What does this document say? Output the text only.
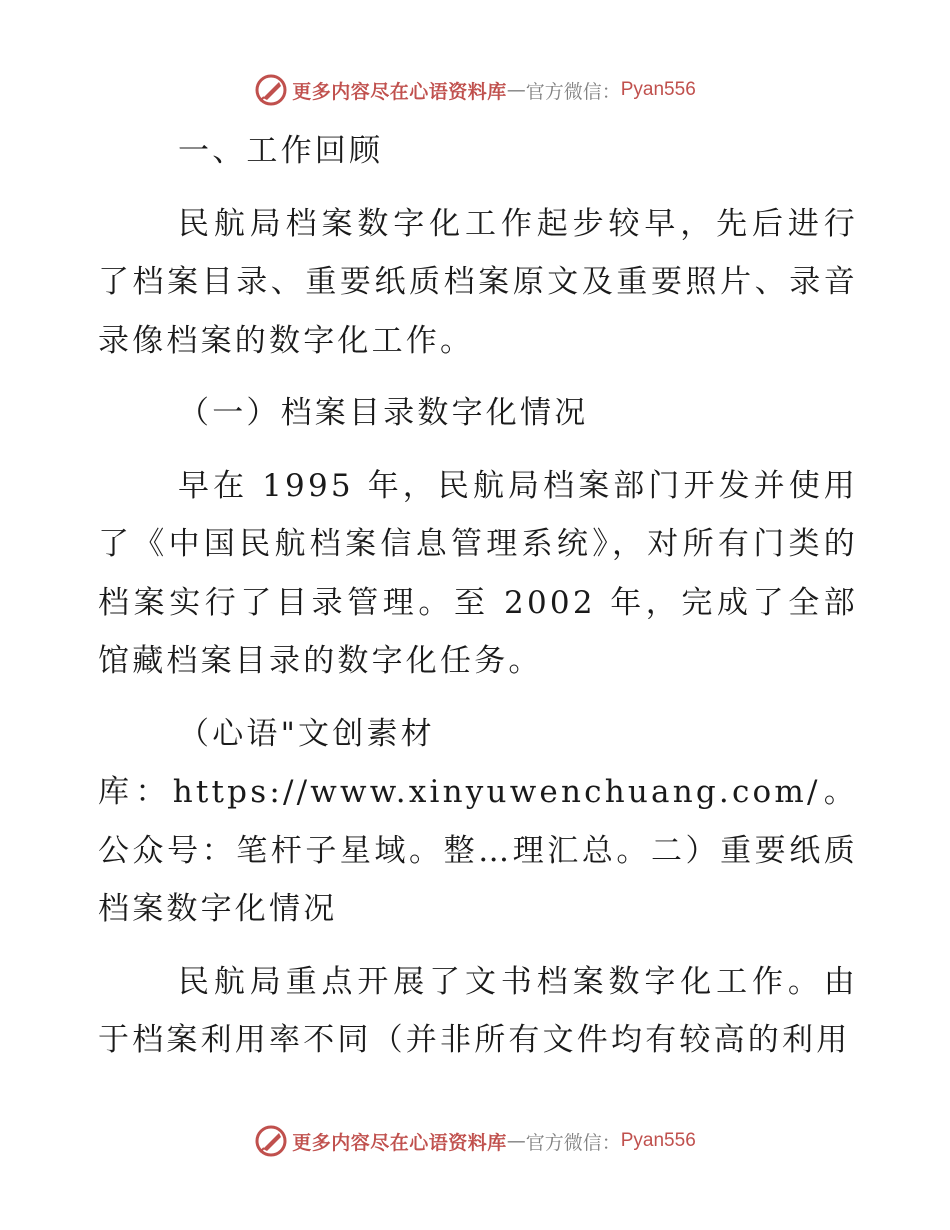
更多内容尽在心语资料库 — 官方微信： Pyan556

一、工作回顾

民航局档案数字化工作起步较早，先后进行了档案目录、重要纸质档案原文及重要照片、录音录像档案的数字化工作。

（一）档案目录数字化情况

早在 1995 年，民航局档案部门开发并使用了《中国民航档案信息管理系统》，对所有门类的档案实行了目录管理。至 2002 年，完成了全部馆藏档案目录的数字化任务。

（心语"文创素材

库：https://www.xinyuwenchuang.com/。公众号：笔杆子星域。整…理汇总。二）重要纸质档案数字化情况

民航局重点开展了文书档案数字化工作。由于档案利用率不同（并非所有文件均有较高的利用

更多内容尽在心语资料库 — 官方微信： Pyan556
